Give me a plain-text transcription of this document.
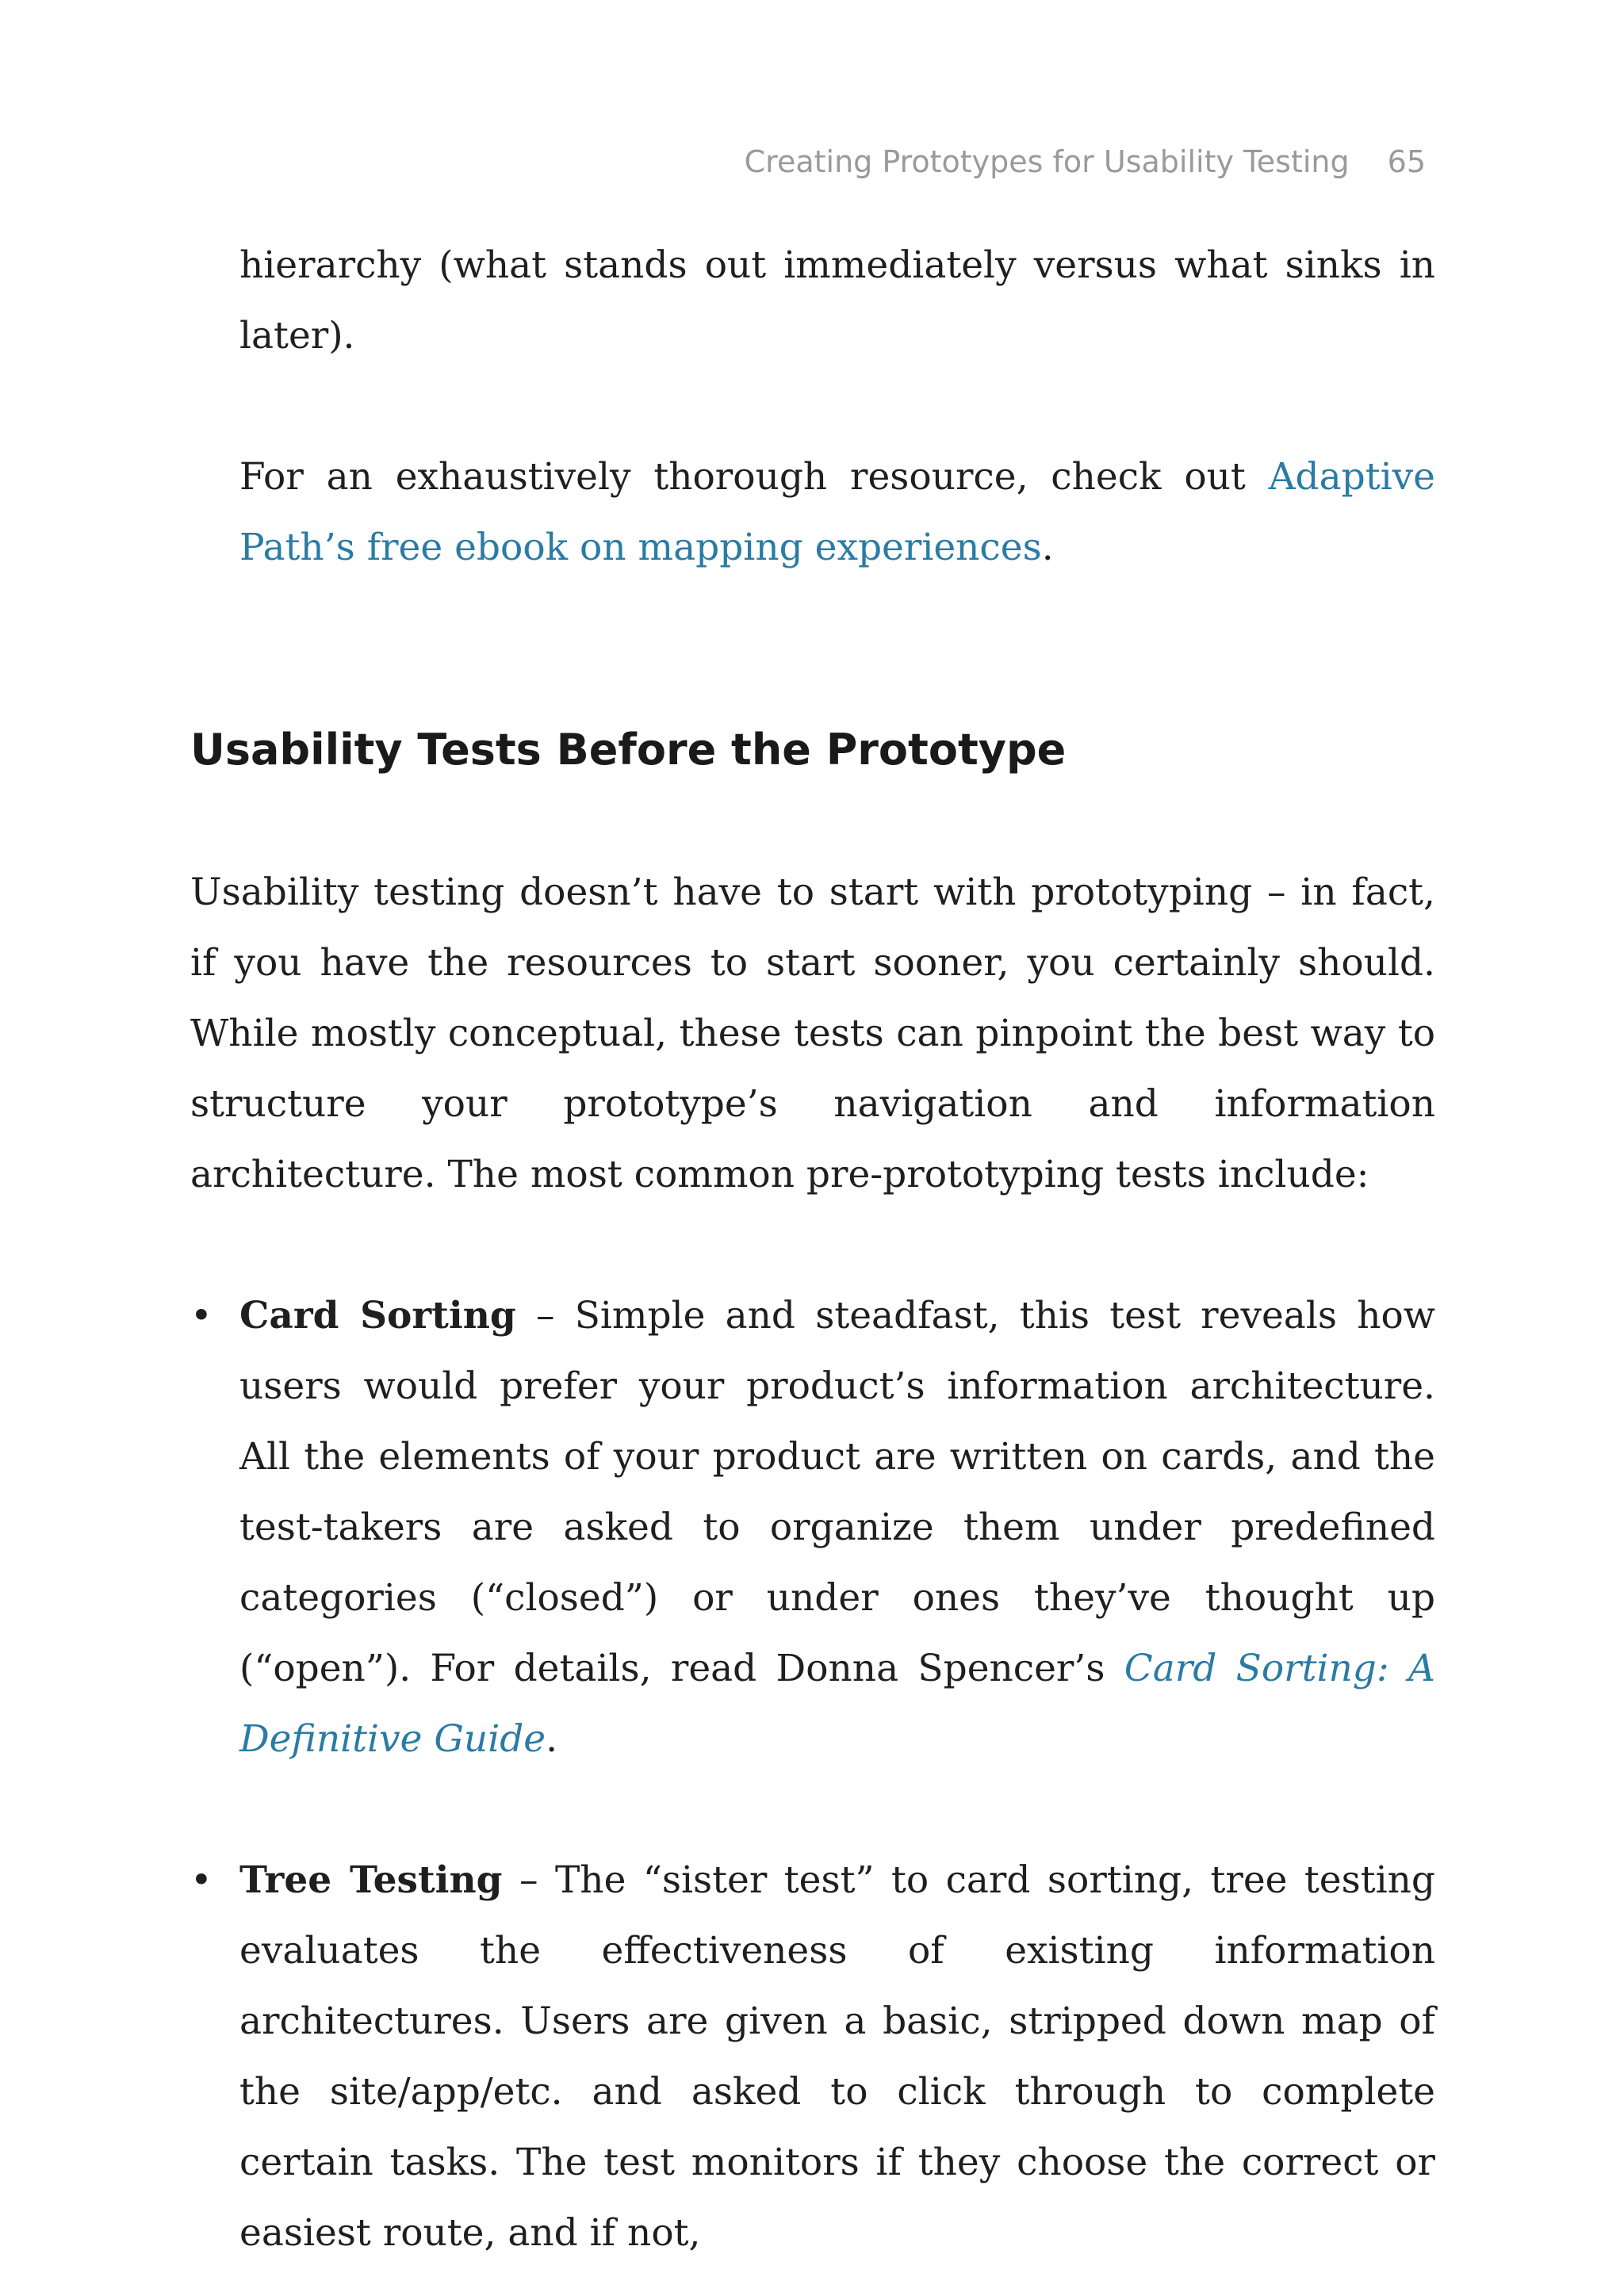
Creating Prototypes for Usability Testing 65

hierarchy (what stands out immediately versus what sinks in later).

For an exhaustively thorough resource, check out Adaptive Path’s free ebook on mapping experiences.

Usability Tests Before the Prototype

Usability testing doesn’t have to start with prototyping – in fact, if you have the resources to start sooner, you certainly should. While mostly conceptual, these tests can pinpoint the best way to structure your prototype’s navigation and information architecture. The most common pre-prototyping tests include:

• Card Sorting – Simple and steadfast, this test reveals how users would prefer your product’s information architecture. All the elements of your product are written on cards, and the test-takers are asked to organize them under predefined categories (“closed”) or under ones they’ve thought up (“open”). For details, read Donna Spencer’s Card Sorting: A Definitive Guide.
• Tree Testing – The “sister test” to card sorting, tree testing evaluates the effectiveness of existing information architectures. Users are given a basic, stripped down map of the site/app/etc. and asked to click through to complete certain tasks. The test monitors if they choose the correct or easiest route, and if not,
